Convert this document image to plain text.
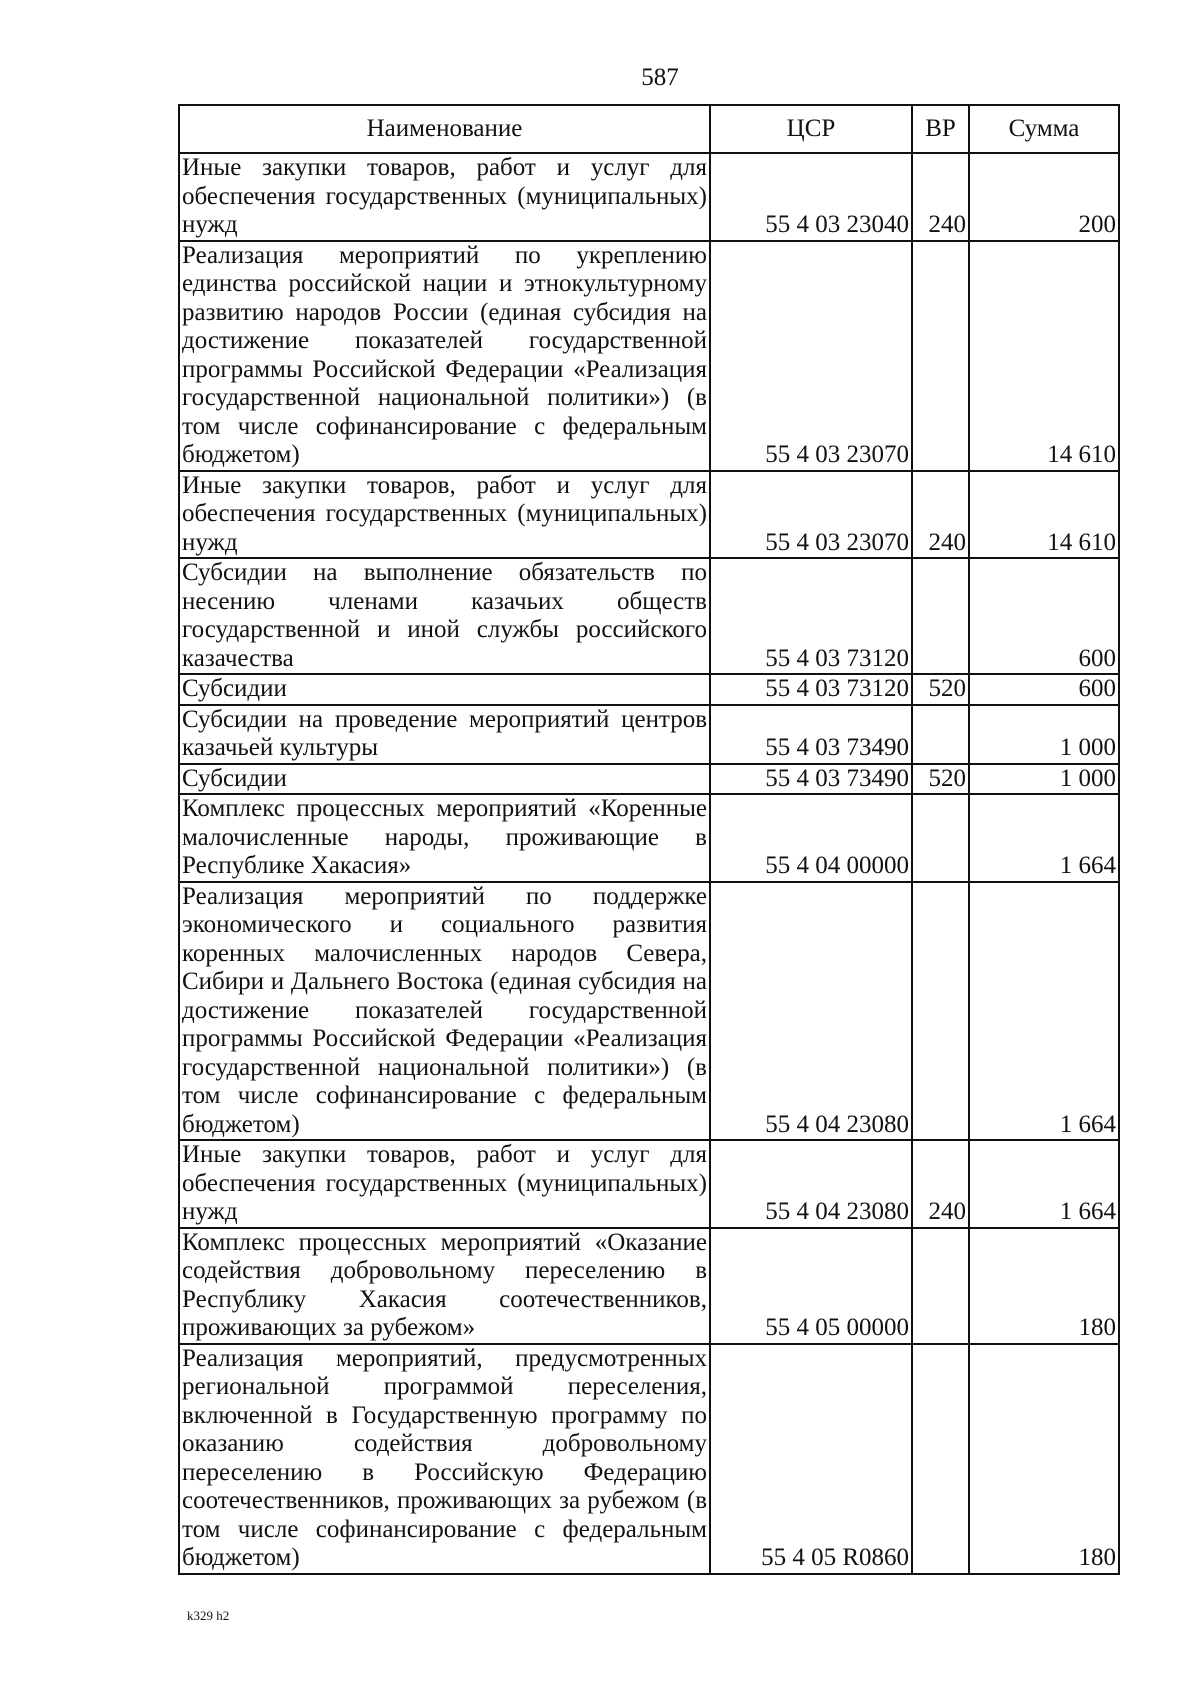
587
Наименование	ЦСР	ВР	Сумма
Иные закупки товаров, работ и услуг для обеспечения государственных (муниципальных) нужд	55 4 03 23040	240	200
Реализация мероприятий по укреплению единства российской нации и этнокультурному развитию народов России (единая субсидия на достижение показателей государственной программы Российской Федерации «Реализация государственной национальной политики») (в том числе софинансирование с федеральным бюджетом)	55 4 03 23070		14 610
Иные закупки товаров, работ и услуг для обеспечения государственных (муниципальных) нужд	55 4 03 23070	240	14 610
Субсидии на выполнение обязательств по несению членами казачьих обществ государственной и иной службы российского казачества	55 4 03 73120		600
Субсидии	55 4 03 73120	520	600
Субсидии на проведение мероприятий центров казачьей культуры	55 4 03 73490		1 000
Субсидии	55 4 03 73490	520	1 000
Комплекс процессных мероприятий «Коренные малочисленные народы, проживающие в Республике Хакасия»	55 4 04 00000		1 664
Реализация мероприятий по поддержке экономического и социального развития коренных малочисленных народов Севера, Сибири и Дальнего Востока (единая субсидия на достижение показателей государственной программы Российской Федерации «Реализация государственной национальной политики») (в том числе софинансирование с федеральным бюджетом)	55 4 04 23080		1 664
Иные закупки товаров, работ и услуг для обеспечения государственных (муниципальных) нужд	55 4 04 23080	240	1 664
Комплекс процессных мероприятий «Оказание содействия добровольному переселению в Республику Хакасия соотечественников, проживающих за рубежом»	55 4 05 00000		180
Реализация мероприятий, предусмотренных региональной программой переселения, включенной в Государственную программу по оказанию содействия добровольному переселению в Российскую Федерацию соотечественников, проживающих за рубежом (в том числе софинансирование с федеральным бюджетом)	55 4 05 R0860		180
k329 h2
